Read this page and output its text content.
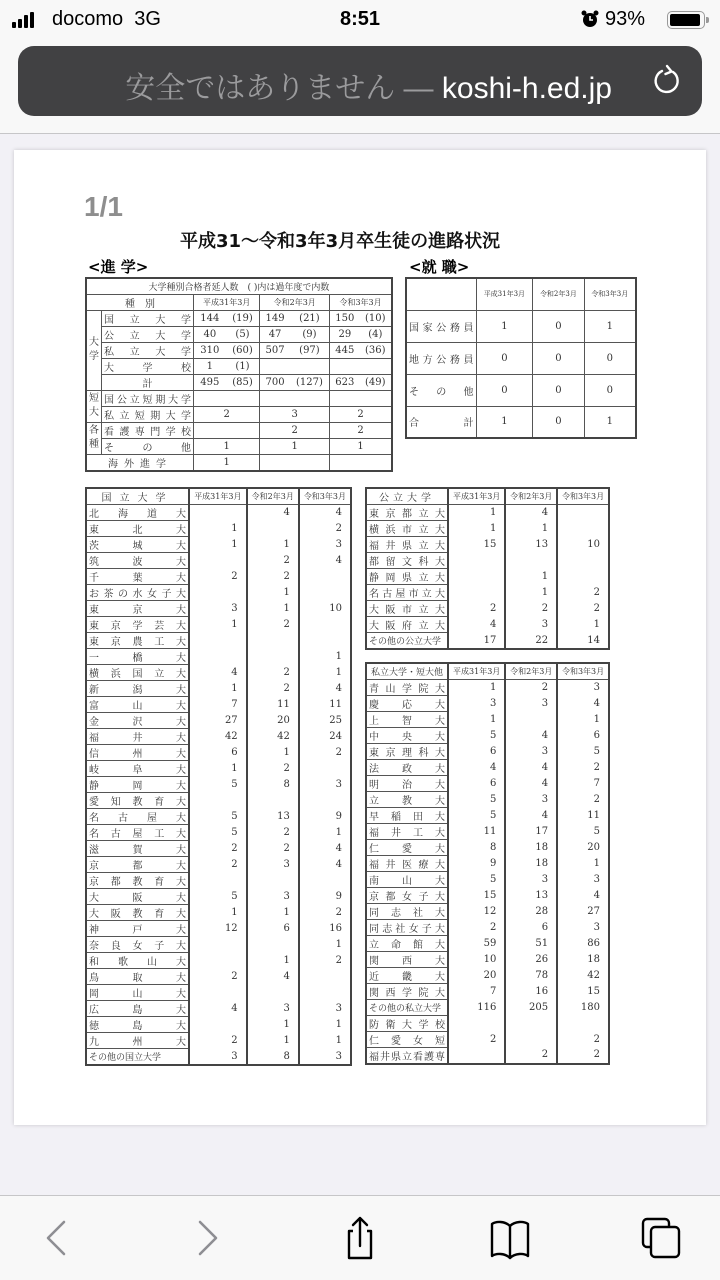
docomo 3G	8:51	93%
安全ではありません — koshi-h.ed.jp
1/1
平成31～令和3年3月卒生徒の進路状況
<進 学>	<就 職>
大学種別合格者延人数　( )内は過年度で内数							
種　別		平成31年3月		令和2年3月		令和3年3月	
大学	国立大学	144	(19)	149	(21)	150	(10)
	公立大学	40	(5)	47	(9)	29	(4)
	私立大学	310	(60)	507	(97)	445	(36)
	大学校	1	(1)				
	計	495	(85)	700	(127)	623	(49)
短大	国公立短期大学						
	私立短期大学	2		3		2	
各種	看護専門学校			2		2	
	その他	1		1		1	
海外進学		1					
	平成31年3月	令和2年3月	令和3年3月
国家公務員	1	0	1
地方公務員	0	0	0
その他	0	0	0
合計	1	0	1
国立大学	平成31年3月	令和2年3月	令和3年3月
北海道大		4	4
東北大	1		2
茨城大	1	1	3
筑波大		2	4
千葉大	2	2	
お茶の水女子大		1	
東京大	3	1	10
東京学芸大	1	2	
東京農工大			
一橋大			1
横浜国立大	4	2	1
新潟大	1	2	4
富山大	7	11	11
金沢大	27	20	25
福井大	42	42	24
信州大	6	1	2
岐阜大	1	2	
静岡大	5	8	3
愛知教育大			
名古屋大	5	13	9
名古屋工大	5	2	1
滋賀大	2	2	4
京都大	2	3	4
京都教育大			
大阪大	5	3	9
大阪教育大	1	1	2
神戸大	12	6	16
奈良女子大			1
和歌山大		1	2
鳥取大	2	4	
岡山大			
広島大	4	3	3
徳島大		1	1
九州大	2	1	1
その他の国立大学	3	8	3
公立大学	平成31年3月	令和2年3月	令和3年3月
東京都立大	1	4	
横浜市立大	1	1	
福井県立大	15	13	10
都留文科大			
静岡県立大		1	
名古屋市立大		1	2
大阪市立大	2	2	2
大阪府立大	4	3	1
その他の公立大学	17	22	14
私立大学・短大他	平成31年3月	令和2年3月	令和3年3月
青山学院大	1	2	3
慶応大	3	3	4
上智大	1		1
中央大	5	4	6
東京理科大	6	3	5
法政大	4	4	2
明治大	6	4	7
立教大	5	3	2
早稲田大	5	4	11
福井工大	11	17	5
仁愛大	8	18	20
福井医療大	9	18	1
南山大	5	3	3
京都女子大	15	13	4
同志社大	12	28	27
同志社女子大	2	6	3
立命館大	59	51	86
関西大	10	26	18
近畿大	20	78	42
関西学院大	7	16	15
その他の私立大学	116	205	180
防衛大学校			
仁愛女短	2		2
福井県立看護専		2	2
